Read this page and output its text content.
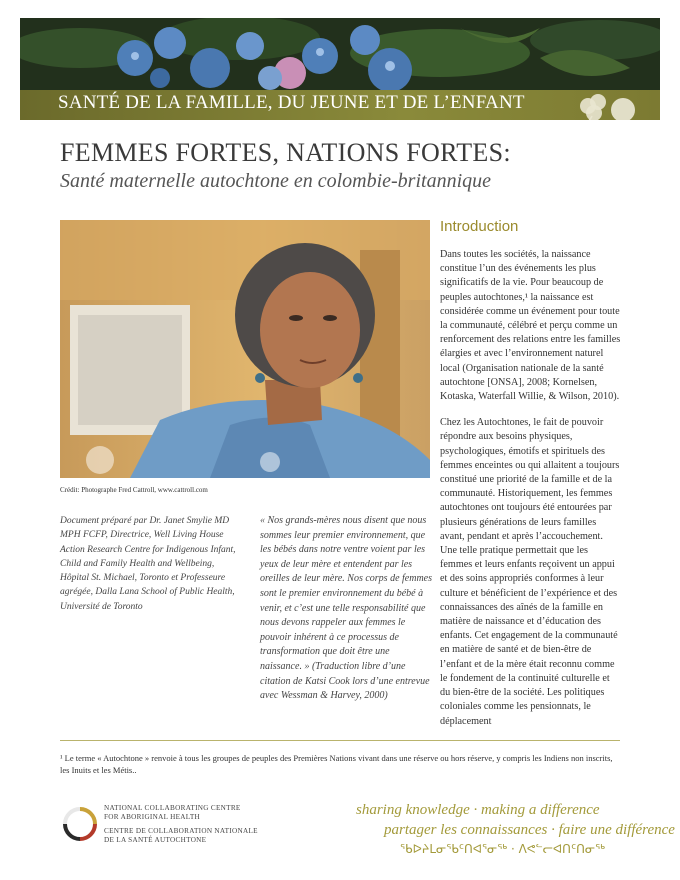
SANTÉ DE LA FAMILLE, DU JEUNE ET DE L’ENFANT
FEMMES FORTES, NATIONS FORTES:
Santé maternelle autochtone en colombie-britannique
Crédit: Photographe Fred Cattroll, www.cattroll.com
Document préparé par Dr. Janet Smylie MD MPH FCFP, Directrice, Well Living House Action Research Centre for Indigenous Infant, Child and Family Health and Wellbeing, Hôpital St. Michael, Toronto et Professeure agrégée, Dalla Lana School of Public Health, Université de Toronto
« Nos grands-mères nous disent que nous sommes leur premier environnement, que les bébés dans notre ventre voient par les yeux de leur mère et entendent par les oreilles de leur mère. Nos corps de femmes sont le premier environnement du bébé à venir, et c’est une telle responsabilité que nous devons rappeler aux femmes le pouvoir inhérent à ce processus de transformation que doit être une naissance. » (Traduction libre d’une citation de Katsi Cook lors d’une entrevue avec Wessman & Harvey, 2000)
Introduction

Dans toutes les sociétés, la naissance constitue l’un des événements les plus significatifs de la vie. Pour beaucoup de peuples autochtones,¹ la naissance est considérée comme un événement pour toute la communauté, célébré et perçu comme un renforcement des relations entre les familles élargies et avec l’environnement naturel local (Organisation nationale de la santé autochtone [ONSA], 2008; Kornelsen, Kotaska, Waterfall Willie, & Wilson, 2010).

Chez les Autochtones, le fait de pouvoir répondre aux besoins physiques, psychologiques, émotifs et spirituels des femmes enceintes ou qui allaitent a toujours constitué une priorité de la famille et de la communauté. Historiquement, les femmes autochtones ont toujours été entourées par plusieurs générations de leurs familles avant, pendant et après l’accouchement. Une telle pratique permettait que les femmes et leurs enfants reçoivent un appui et des soins appropriés conformes à leur culture et bénéficient de l’expérience et des connaissances des aînés de la famille en matière de naissance et d’éducation des enfants. Cet engagement de la communauté en matière de santé et de bien-être de l’enfant et de la mère était reconnu comme le fondement de la continuité culturelle et du bien-être de la société. Les politiques coloniales comme les pensionnats, le déplacement

¹ Le terme « Autochtone » renvoie à tous les groupes de peuples des Premières Nations vivant dans une réserve ou hors réserve, y compris les Indiens non inscrits, les Inuits et les Métis..
NATIONAL COLLABORATING CENTRE
FOR ABORIGINAL HEALTH
CENTRE DE COLLABORATION NATIONALE
DE LA SANTÉ AUTOCHTONE
sharing knowledge · making a difference
partager les connaissances · faire une différence
ᖃᐅᔨᒪᓂᖃᑦᑎᐊᕐᓂᖅ · ᐱᕙᓪᓕᐊᑎᑦᑎᓂᖅ
